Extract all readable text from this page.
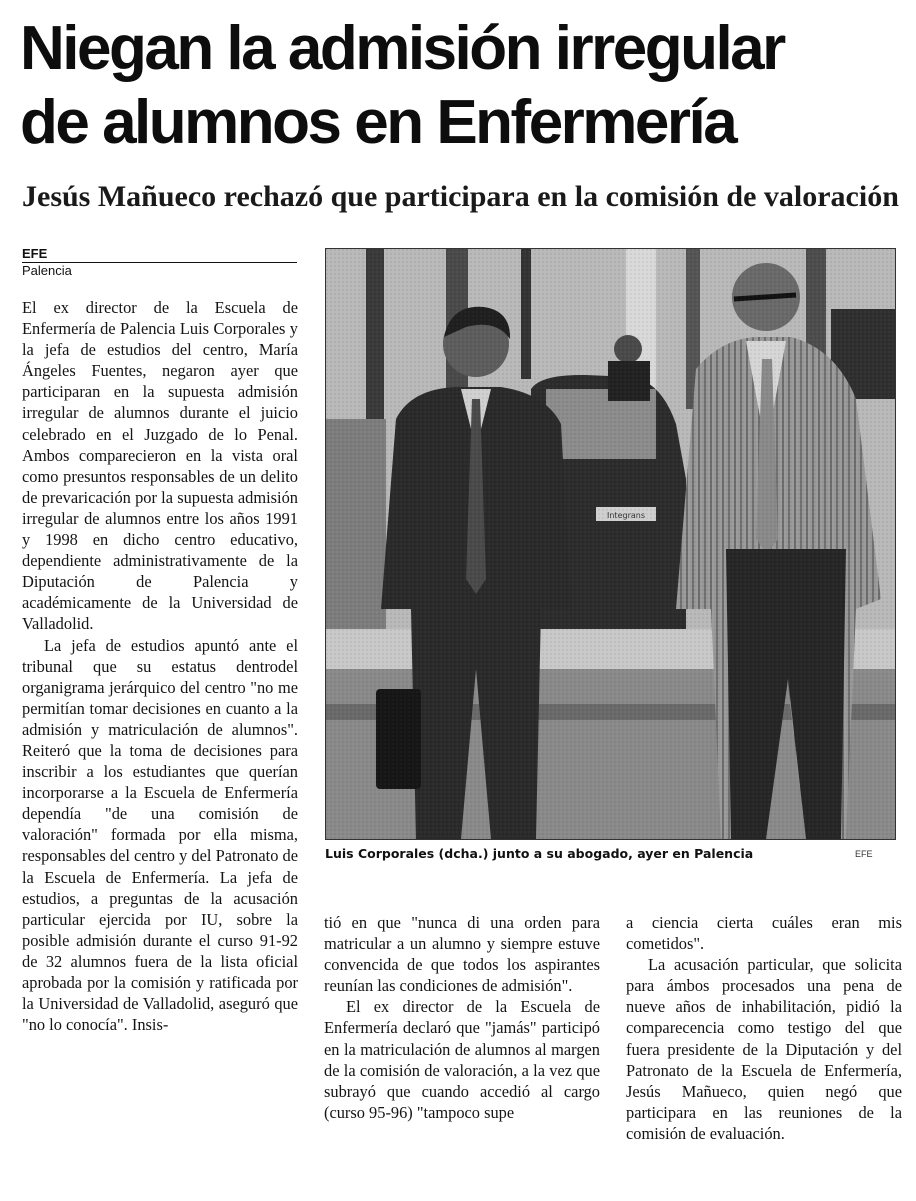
Niegan la admisión irregular
de alumnos en Enfermería
Jesús Mañueco rechazó que participara en la comisión de valoración
EFE
Palencia

El ex director de la Escuela de Enfermería de Palencia Luis Corporales y la jefa de estudios del centro, María Ángeles Fuentes, negaron ayer que participaran en la supuesta admisión irregular de alumnos durante el juicio celebrado en el Juzgado de lo Penal. Ambos comparecieron en la vista oral como presuntos responsables de un delito de prevaricación por la supuesta admisión irregular de alumnos entre los años 1991 y 1998 en dicho centro educativo, dependiente administrativamente de la Diputación de Palencia y académicamente de la Universidad de Valladolid.

La jefa de estudios apuntó ante el tribunal que su estatus dentrodel organigrama jerárquico del centro "no me permitían tomar decisiones en cuanto a la admisión y matriculación de alumnos". Reiteró que la toma de decisiones para inscribir a los estudiantes que querían incorporarse a la Escuela de Enfermería dependía "de una comisión de valoración" formada por ella misma, responsables del centro y del Patronato de la Escuela de Enfermería. La jefa de estudios, a preguntas de la acusación particular ejercida por IU, sobre la posible admisión durante el curso 91-92 de 32 alumnos fuera de la lista oficial aprobada por la comisión y ratificada por la Universidad de Valladolid, aseguró que "no lo conocía". Insis-

Luis Corporales (dcha.) junto a su abogado, ayer en Palencia	EFE

tió en que "nunca di una orden para matricular a un alumno y siempre estuve convencida de que todos los aspirantes reunían las condiciones de admisión".

El ex director de la Escuela de Enfermería declaró que "jamás" participó en la matriculación de alumnos al margen de la comisión de valoración, a la vez que subrayó que cuando accedió al cargo (curso 95-96) "tampoco supe

a ciencia cierta cuáles eran mis cometidos".

La acusación particular, que solicita para ámbos procesados una pena de nueve años de inhabilitación, pidió la comparecencia como testigo del que fuera presidente de la Diputación y del Patronato de la Escuela de Enfermería, Jesús Mañueco, quien negó que participara en las reuniones de la comisión de evaluación.
